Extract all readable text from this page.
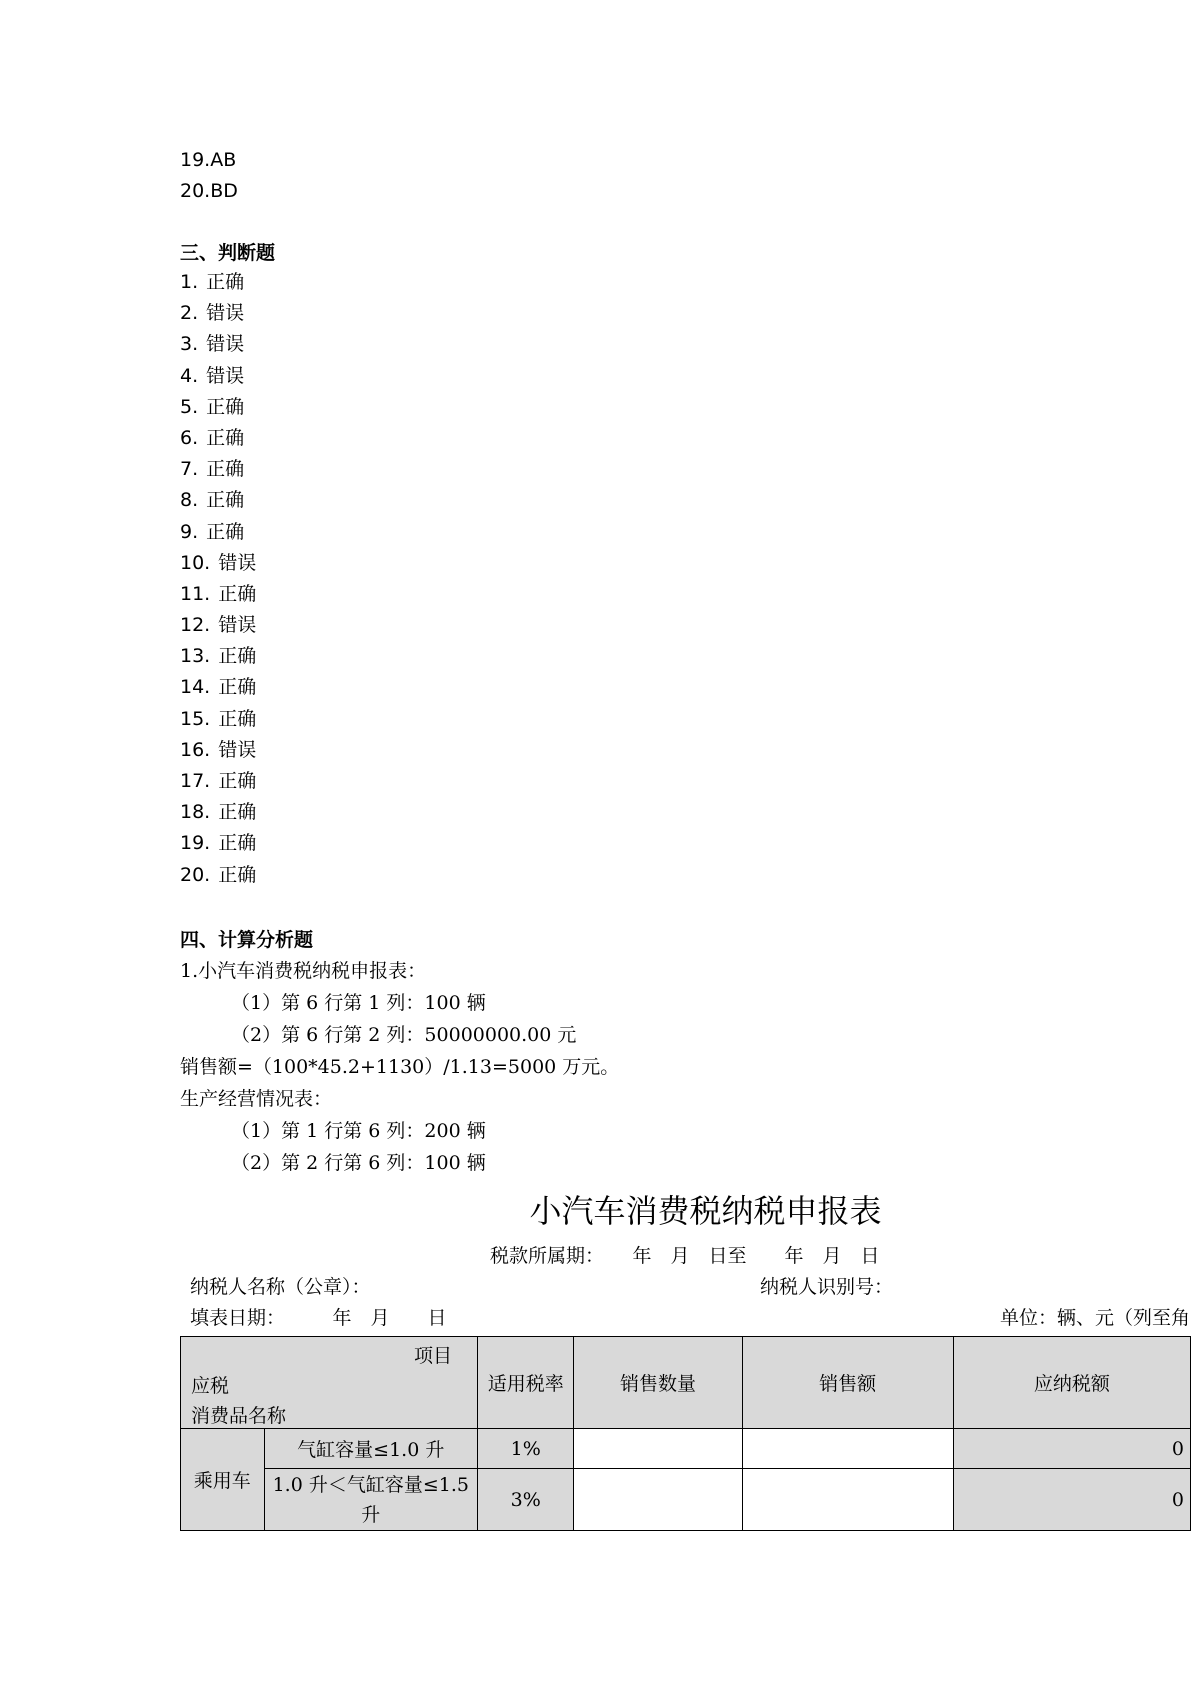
19.AB
20.BD
三、判断题
1. 正确
2. 错误
3. 错误
4. 错误
5. 正确
6. 正确
7. 正确
8. 正确
9. 正确
10. 错误
11. 正确
12. 错误
13. 正确
14. 正确
15. 正确
16. 错误
17. 正确
18. 正确
19. 正确
20. 正确
四、计算分析题
1.小汽车消费税纳税申报表：
（1）第 6 行第 1 列：100 辆
（2）第 6 行第 2 列：50000000.00 元
销售额=（100*45.2+1130）/1.13=5000 万元。
生产经营情况表：
（1）第 1 行第 6 列：200 辆
（2）第 2 行第 6 列：100 辆
小汽车消费税纳税申报表
税款所属期：　　年　月　日至　　年　月　日
纳税人名称（公章）：	纳税人识别号：
填表日期：　　　年　月　　日	单位：辆、元（列至角
项目
应税
消费品名称		适用税率	销售数量	销售额	应纳税额
乘用车	气缸容量≤1.0 升	1%			0
	1.0 升＜气缸容量≤1.5 升	3%			0
